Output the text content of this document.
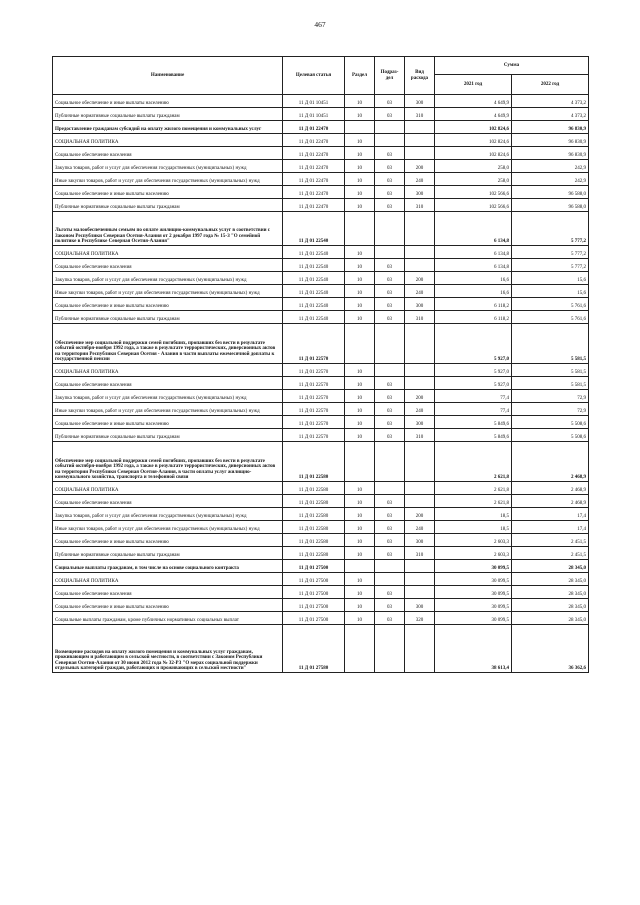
467
Наименование	Целевая статья	Раздел	Подраз-дел	Вид расхода	Сумма	
					2021 год	2022 год
Социальное обеспечение и иные выплаты населению	11 Д 01 10451	10	03	300	4 649,9	4 373,2
Публичные нормативные социальные выплаты гражданам	11 Д 01 10451	10	03	310	4 649,9	4 373,2
Предоставление гражданам субсидий на оплату жилого помещения и коммунальных услуг	11 Д 01 22470				102 824,6	96 830,9
СОЦИАЛЬНАЯ ПОЛИТИКА	11 Д 01 22470	10			102 824,6	96 830,9
Социальное обеспечение населения	11 Д 01 22470	10	03		102 824,6	96 830,9
Закупка товаров, работ и услуг для обеспечения государственных (муниципальных) нужд	11 Д 01 22470	10	03	200	258,0	242,9
Иные закупки товаров, работ и услуг для обеспечения государственных (муниципальных) нужд	11 Д 01 22470	10	03	240	258,0	242,9
Социальное обеспечение и иные выплаты населению	11 Д 01 22470	10	03	300	102 566,6	96 588,0
Публичные нормативные социальные выплаты гражданам	11 Д 01 22470	10	03	310	102 566,6	96 588,0
Льготы малообеспеченным семьям по оплате жилищно-коммунальных услуг в соответствии с Законом Республики Северная Осетия-Алания от 2 декабря 1997 года № 15-З "О семейной политике в Республике Северная Осетия-Алания"	11 Д 01 22540				6 134,8	5 777,2
СОЦИАЛЬНАЯ ПОЛИТИКА	11 Д 01 22540	10			6 134,8	5 777,2
Социальное обеспечение населения	11 Д 01 22540	10	03		6 134,8	5 777,2
Закупка товаров, работ и услуг для обеспечения государственных (муниципальных) нужд	11 Д 01 22540	10	03	200	16,6	15,6
Иные закупки товаров, работ и услуг для обеспечения государственных (муниципальных) нужд	11 Д 01 22540	10	03	240	16,6	15,6
Социальное обеспечение и иные выплаты населению	11 Д 01 22540	10	03	300	6 118,2	5 761,6
Публичные нормативные социальные выплаты гражданам	11 Д 01 22540	10	03	310	6 118,2	5 761,6
Обеспечение мер социальной поддержки семей погибших, пропавших без вести в результате событий октября-ноября 1992 года, а также в результате террористических, диверсионных актов на территории Республики Северная Осетия - Алания в части выплаты ежемесячной доплаты к государственной пенсии	11 Д 01 22570				5 927,0	5 581,5
СОЦИАЛЬНАЯ ПОЛИТИКА	11 Д 01 22570	10			5 927,0	5 581,5
Социальное обеспечение населения	11 Д 01 22570	10	03		5 927,0	5 581,5
Закупка товаров, работ и услуг для обеспечения государственных (муниципальных) нужд	11 Д 01 22570	10	03	200	77,4	72,9
Иные закупки товаров, работ и услуг для обеспечения государственных (муниципальных) нужд	11 Д 01 22570	10	03	240	77,4	72,9
Социальное обеспечение и иные выплаты населению	11 Д 01 22570	10	03	300	5 849,6	5 508,6
Публичные нормативные социальные выплаты гражданам	11 Д 01 22570	10	03	310	5 849,6	5 508,6
Обеспечение мер социальной поддержки семей погибших, пропавших без вести в результате событий октября-ноября 1992 года, а также в результате террористических, диверсионных актов на территории Республики Северная Осетия-Алания, в части оплаты услуг жилищно-коммунального хозяйства, транспорта и телефонной связи	11 Д 01 22580				2 621,8	2 468,9
СОЦИАЛЬНАЯ ПОЛИТИКА	11 Д 01 22580	10			2 621,8	2 468,9
Социальное обеспечение населения	11 Д 01 22580	10	03		2 621,8	2 468,9
Закупка товаров, работ и услуг для обеспечения государственных (муниципальных) нужд	11 Д 01 22580	10	03	200	18,5	17,4
Иные закупки товаров, работ и услуг для обеспечения государственных (муниципальных) нужд	11 Д 01 22580	10	03	240	18,5	17,4
Социальное обеспечение и иные выплаты населению	11 Д 01 22580	10	03	300	2 603,3	2 451,5
Публичные нормативные социальные выплаты гражданам	11 Д 01 22580	10	03	310	2 603,3	2 451,5
Социальные выплаты гражданам, в том числе на основе социального контракта	11 Д 01 27500				30 099,5	28 345,0
СОЦИАЛЬНАЯ ПОЛИТИКА	11 Д 01 27500	10			30 099,5	28 345,0
Социальное обеспечение населения	11 Д 01 27500	10	03		30 099,5	28 345,0
Социальное обеспечение и иные выплаты населению	11 Д 01 27500	10	03	300	30 099,5	28 345,0
Социальные выплаты гражданам, кроме публичных нормативных социальных выплат	11 Д 01 27500	10	03	320	30 099,5	28 345,0
Возмещение расходов на оплату жилого помещения и коммунальных услуг гражданам, проживающим и работающим в сельской местности, в соответствии с Законом Республики Северная Осетия-Алания от 30 июня 2012 года № 32-РЗ "О мерах социальной поддержки отдельных категорий граждан, работающих и проживающих в сельской местности"	11 Д 01 27580				38 613,4	36 362,6
